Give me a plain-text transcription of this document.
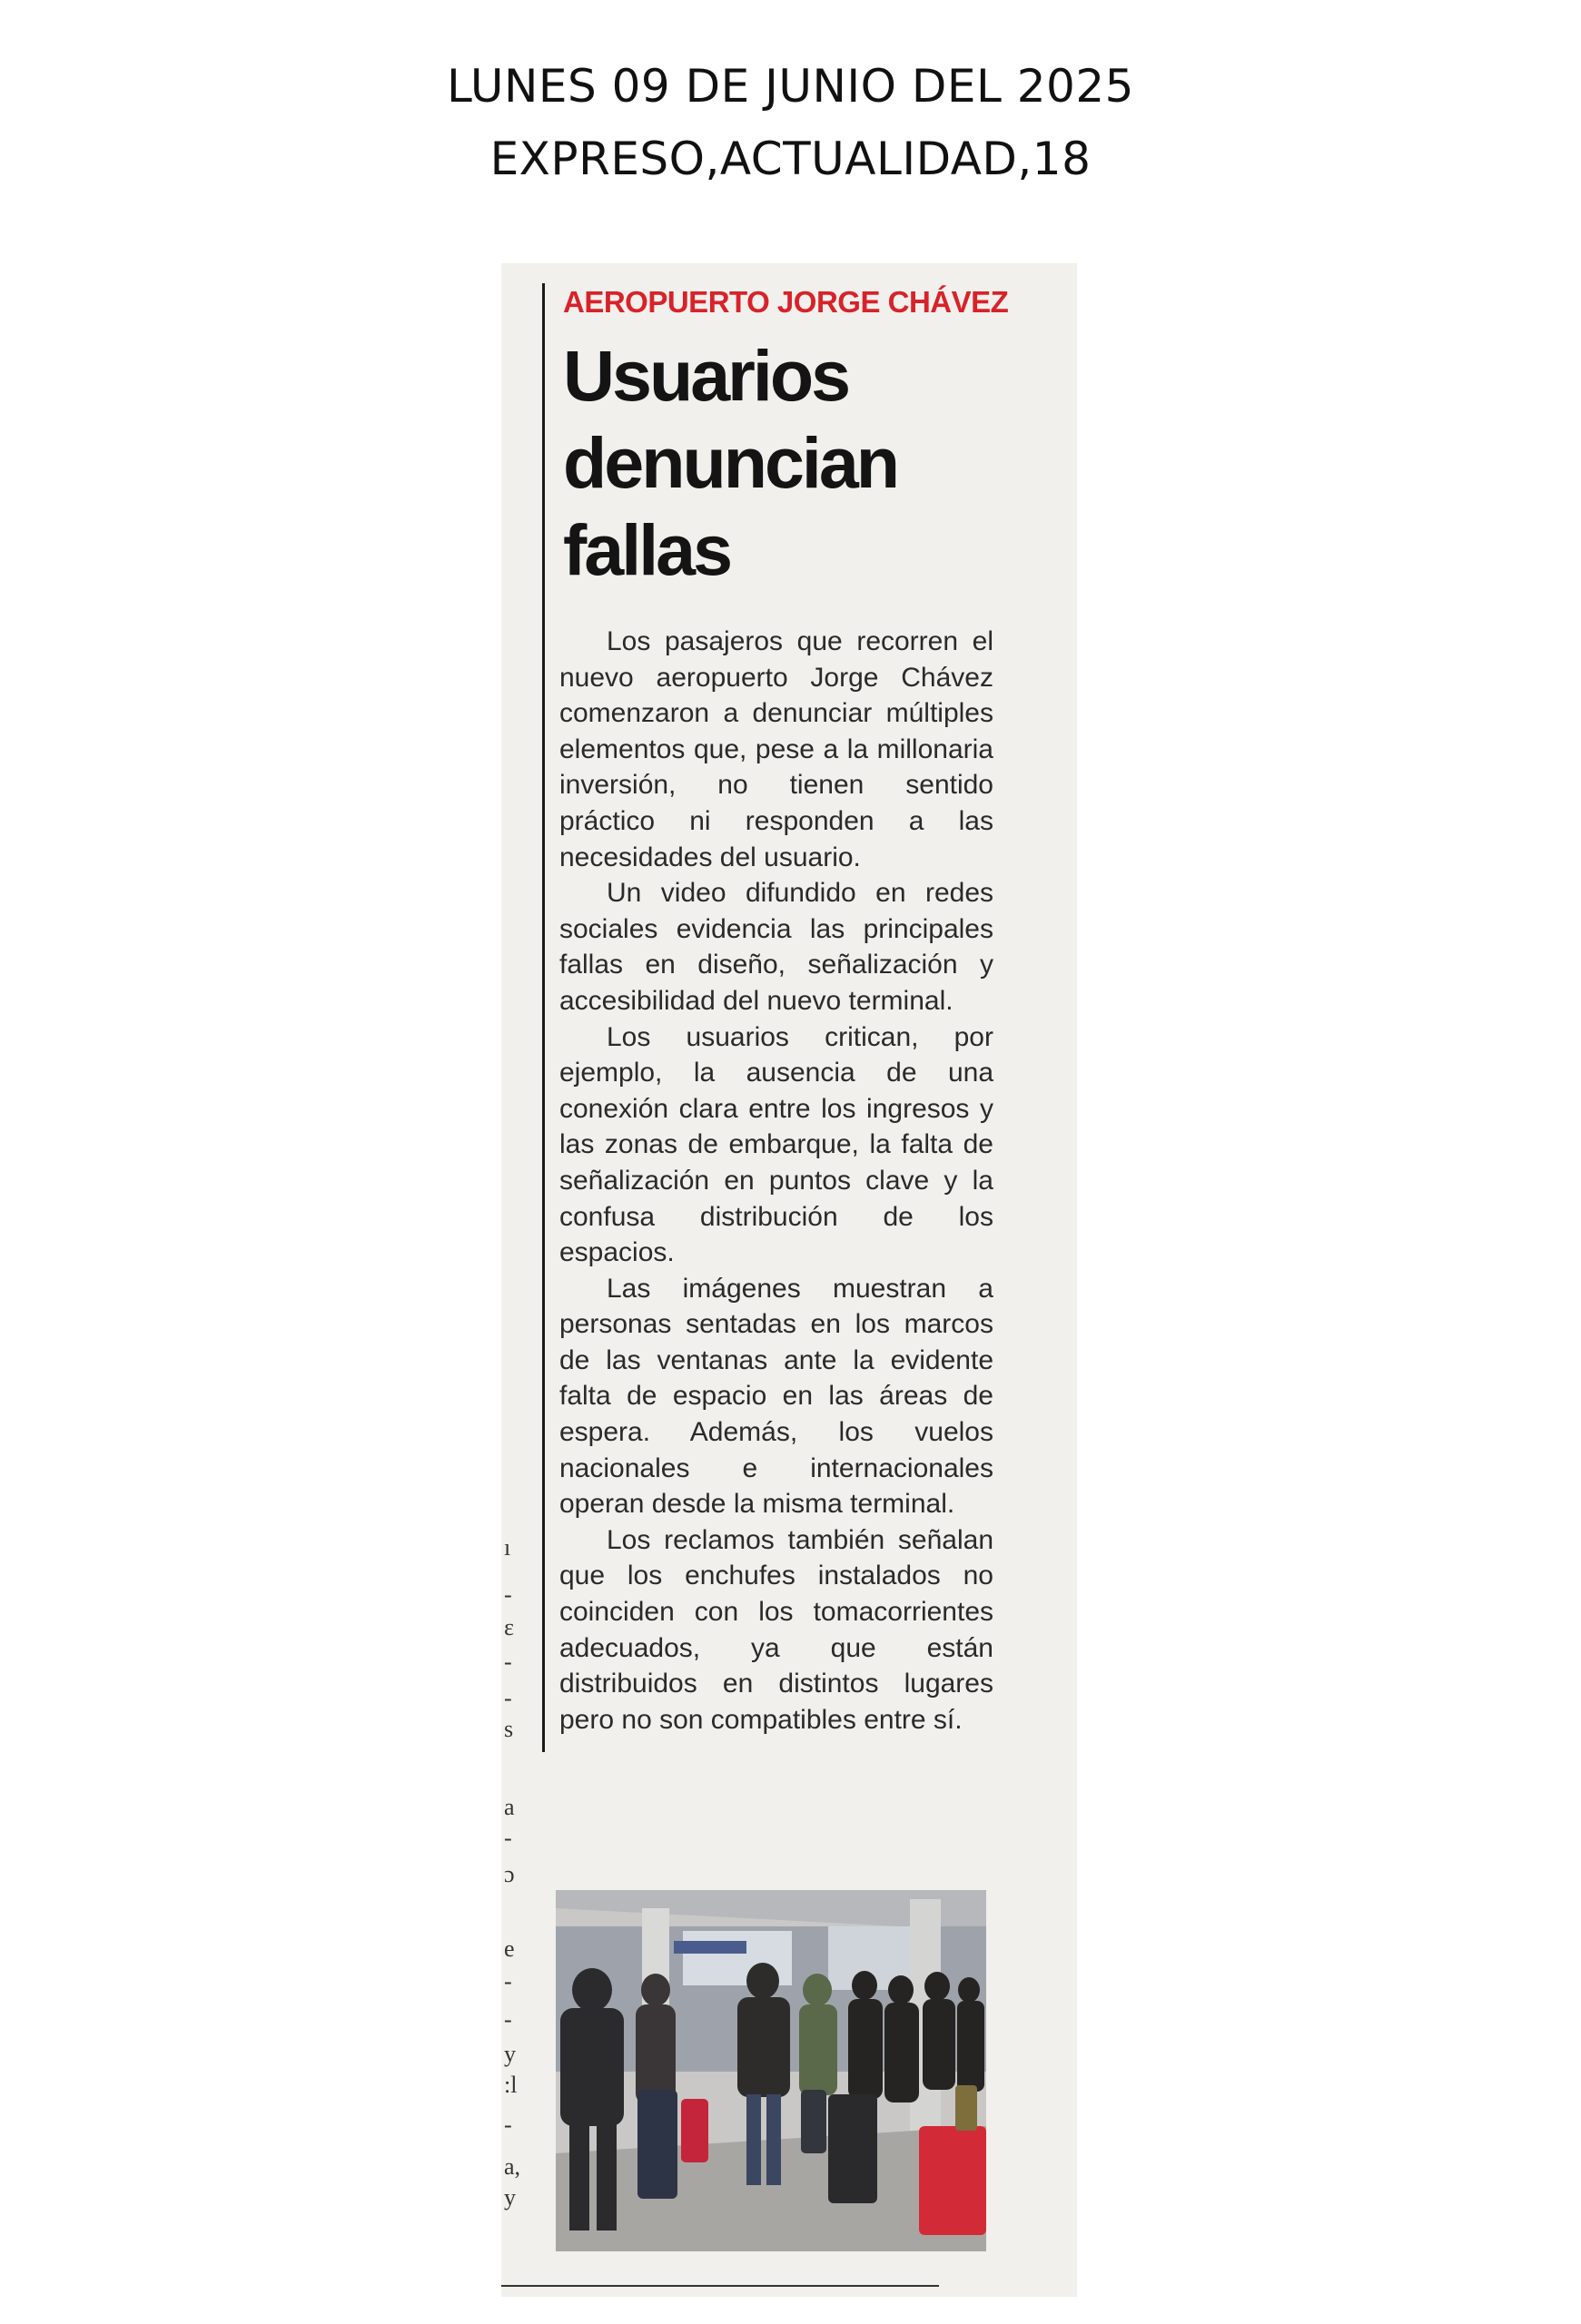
LUNES 09 DE JUNIO DEL 2025

EXPRESO,ACTUALIDAD,18

AEROPUERTO JORGE CHÁVEZ

Usuarios
denuncian
fallas

Los pasajeros que recorren el nuevo aeropuerto Jorge Chávez comenzaron a denunciar múltiples elementos que, pese a la millonaria inversión, no tienen sentido práctico ni responden a las necesidades del usuario.

Un video difundido en redes sociales evidencia las principales fallas en diseño, señalización y accesibilidad del nuevo terminal.

Los usuarios critican, por ejemplo, la ausencia de una conexión clara entre los ingresos y las zonas de embarque, la falta de señalización en puntos clave y la confusa distribución de los espacios.

Las imágenes muestran a personas sentadas en los marcos de las ventanas ante la evidente falta de espacio en las áreas de espera. Además, los vuelos nacionales e internacionales operan desde la misma terminal.

Los reclamos también señalan que los enchufes instalados no coinciden con los tomacorrientes adecuados, ya que están distribuidos en distintos lugares pero no son compatibles entre sí.

ı
-
ɛ
-
-
s
a
-
ɔ
e
-
-
y
:l
-
a,
y
